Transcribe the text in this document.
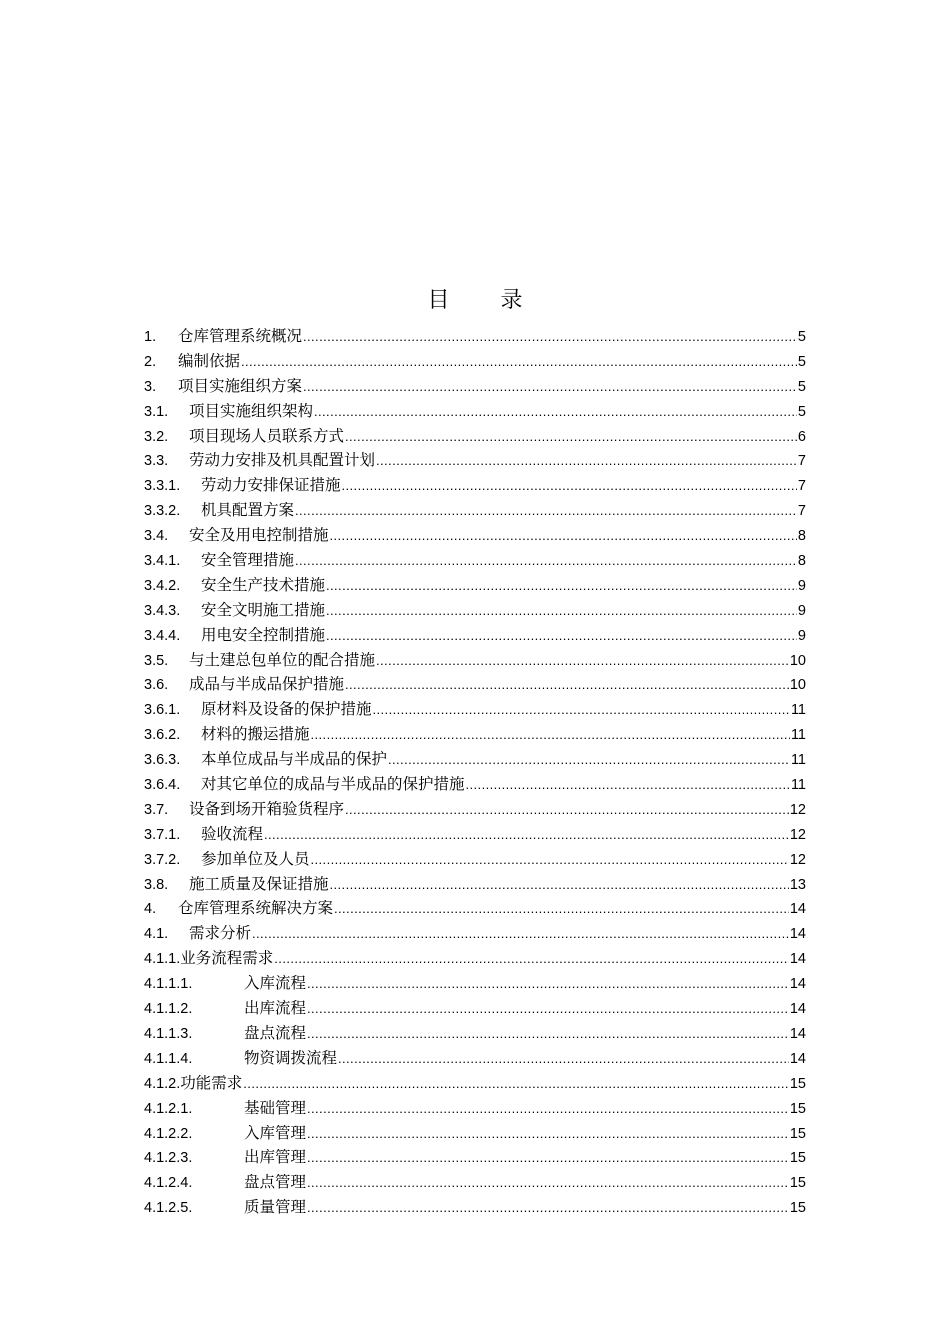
目 录
1.	仓库管理系统概况 .....	5
2.	编制依据 .....	5
3.	项目实施组织方案 .....	5
3.1.	项目实施组织架构 .....	5
3.2.	项目现场人员联系方式 .....	6
3.3.	劳动力安排及机具配置计划 .....	7
3.3.1.	劳动力安排保证措施 .....	7
3.3.2.	机具配置方案 .....	7
3.4.	安全及用电控制措施 .....	8
3.4.1.	安全管理措施 .....	8
3.4.2.	安全生产技术措施 .....	9
3.4.3.	安全文明施工措施 .....	9
3.4.4.	用电安全控制措施 .....	9
3.5.	与土建总包单位的配合措施 .....	10
3.6.	成品与半成品保护措施 .....	10
3.6.1.	原材料及设备的保护措施 .....	11
3.6.2.	材料的搬运措施 .....	11
3.6.3.	本单位成品与半成品的保护 .....	11
3.6.4.	对其它单位的成品与半成品的保护措施 .....	11
3.7.	设备到场开箱验货程序 .....	12
3.7.1.	验收流程 .....	12
3.7.2.	参加单位及人员 .....	12
3.8.	施工质量及保证措施 .....	13
4.	仓库管理系统解决方案 .....	14
4.1.	需求分析 .....	14
4.1.1. 业务流程需求 .....	14
4.1.1.1.	入库流程 .....	14
4.1.1.2.	出库流程 .....	14
4.1.1.3.	盘点流程 .....	14
4.1.1.4.	物资调拨流程 .....	14
4.1.2. 功能需求 .....	15
4.1.2.1.	基础管理 .....	15
4.1.2.2.	入库管理 .....	15
4.1.2.3.	出库管理 .....	15
4.1.2.4.	盘点管理 .....	15
4.1.2.5.	质量管理 .....	15
